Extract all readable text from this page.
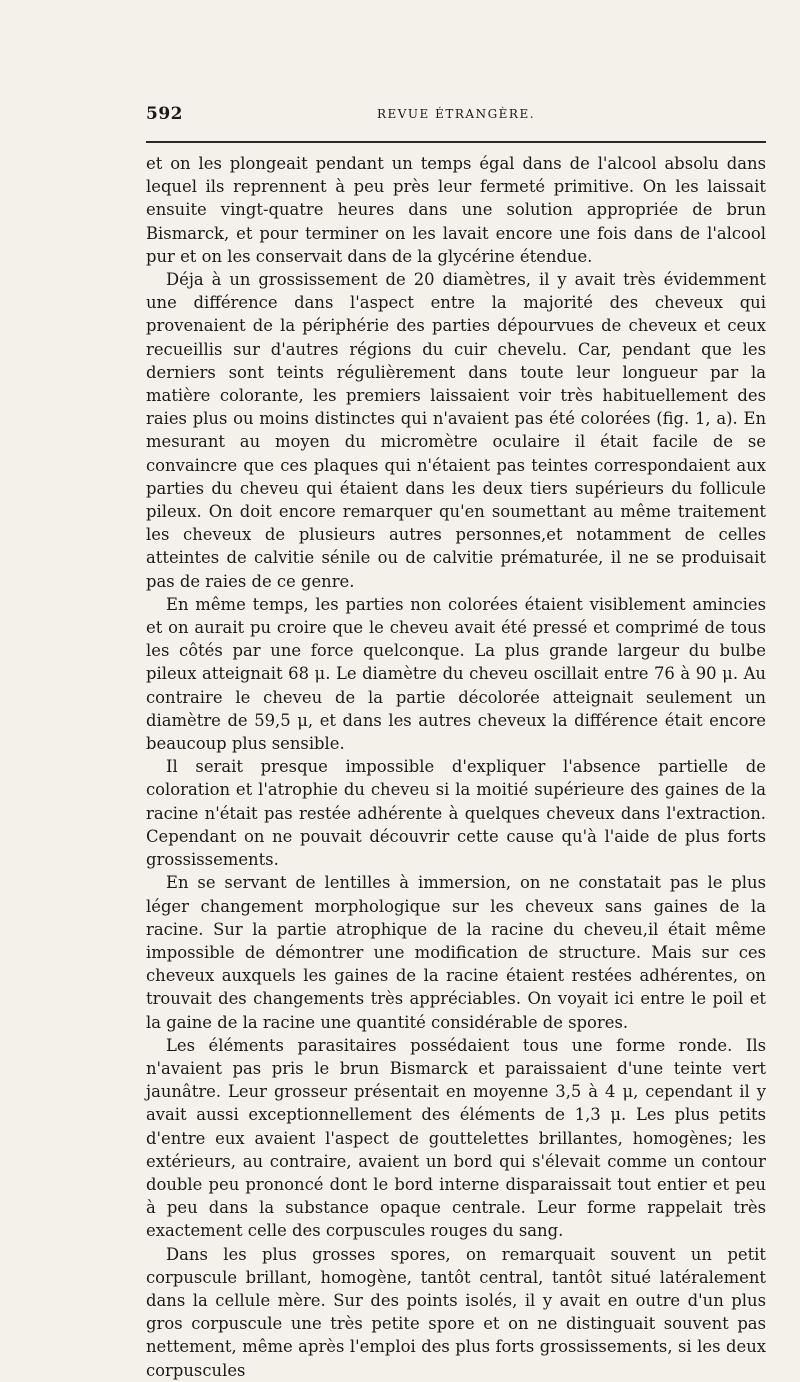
592	REVUE ÉTRANGÈRE.

et on les plongeait pendant un temps égal dans de l'alcool absolu dans lequel ils reprennent à peu près leur fermeté primitive. On les laissait ensuite vingt-quatre heures dans une solution appropriée de brun Bismarck, et pour terminer on les lavait encore une fois dans de l'alcool pur et on les conservait dans de la glycérine étendue.

Déja à un grossissement de 20 diamètres, il y avait très évidemment une différence dans l'aspect entre la majorité des cheveux qui provenaient de la périphérie des parties dépourvues de cheveux et ceux recueillis sur d'autres régions du cuir chevelu. Car, pendant que les derniers sont teints régulièrement dans toute leur longueur par la matière colorante, les premiers laissaient voir très habituellement des raies plus ou moins distinctes qui n'avaient pas été colorées (fig. 1, a). En mesurant au moyen du micromètre oculaire il était facile de se convaincre que ces plaques qui n'étaient pas teintes correspondaient aux parties du cheveu qui étaient dans les deux tiers supérieurs du follicule pileux. On doit encore remarquer qu'en soumettant au même traitement les cheveux de plusieurs autres personnes,et notamment de celles atteintes de calvitie sénile ou de calvitie prématurée, il ne se produisait pas de raies de ce genre.

En même temps, les parties non colorées étaient visiblement amincies et on aurait pu croire que le cheveu avait été pressé et comprimé de tous les côtés par une force quelconque. La plus grande largeur du bulbe pileux atteignait 68 μ. Le diamètre du cheveu oscillait entre 76 à 90 μ. Au contraire le cheveu de la partie décolorée atteignait seulement un diamètre de 59,5 μ, et dans les autres cheveux la différence était encore beaucoup plus sensible.

Il serait presque impossible d'expliquer l'absence partielle de coloration et l'atrophie du cheveu si la moitié supérieure des gaines de la racine n'était pas restée adhérente à quelques cheveux dans l'extraction. Cependant on ne pouvait découvrir cette cause qu'à l'aide de plus forts grossissements.

En se servant de lentilles à immersion, on ne constatait pas le plus léger changement morphologique sur les cheveux sans gaines de la racine. Sur la partie atrophique de la racine du cheveu,il était même impossible de démontrer une modification de structure. Mais sur ces cheveux auxquels les gaines de la racine étaient restées adhérentes, on trouvait des changements très appréciables. On voyait ici entre le poil et la gaine de la racine une quantité considérable de spores.

Les éléments parasitaires possédaient tous une forme ronde. Ils n'avaient pas pris le brun Bismarck et paraissaient d'une teinte vert jaunâtre. Leur grosseur présentait en moyenne 3,5 à 4 μ, cependant il y avait aussi exceptionnellement des éléments de 1,3 μ. Les plus petits d'entre eux avaient l'aspect de gouttelettes brillantes, homogènes; les extérieurs, au contraire, avaient un bord qui s'élevait comme un contour double peu prononcé dont le bord interne disparaissait tout entier et peu à peu dans la substance opaque centrale. Leur forme rappelait très exactement celle des corpuscules rouges du sang.

Dans les plus grosses spores, on remarquait souvent un petit corpuscule brillant, homogène, tantôt central, tantôt situé latéralement dans la cellule mère. Sur des points isolés, il y avait en outre d'un plus gros corpuscule une très petite spore et on ne distinguait souvent pas nettement, même après l'emploi des plus forts grossissements, si les deux corpuscules
